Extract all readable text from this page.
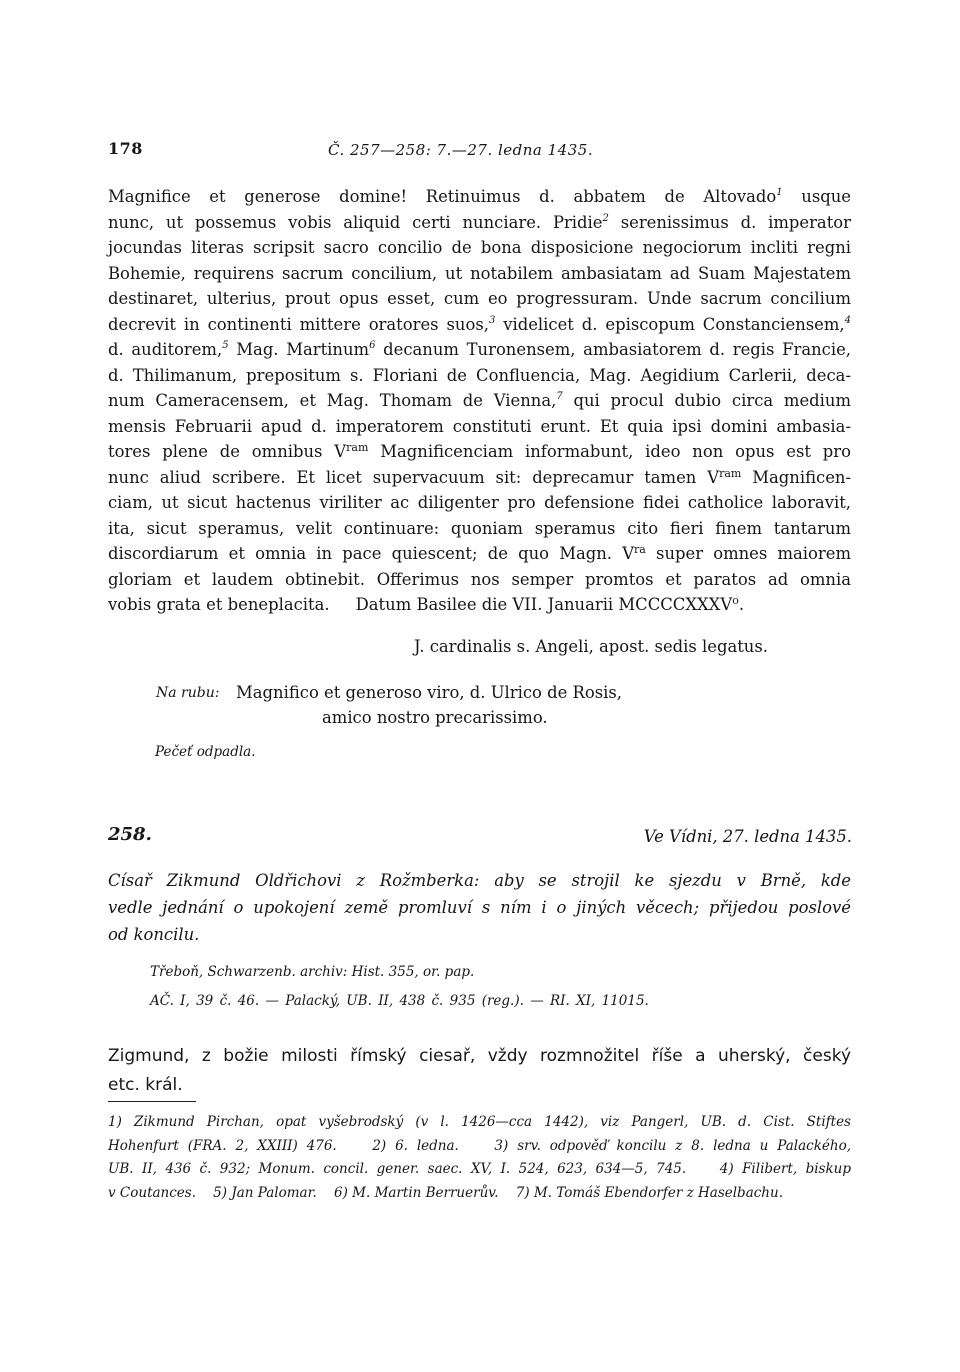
178	Č. 257—258: 7.—27. ledna 1435.
Magnifice et generose domine! Retinuimus d. abbatem de Altovado$^1$ usque
nunc, ut possemus vobis aliquid certi nunciare. Pridie$^2$ serenissimus d. imperator
jocundas literas scripsit sacro concilio de bona disposicione negociorum incliti regni
Bohemie, requirens sacrum concilium, ut notabilem ambasiatam ad Suam Majestatem
destinaret, ulterius, prout opus esset, cum eo progressuram. Unde sacrum concilium
decrevit in continenti mittere oratores suos,$^3$ videlicet d. episcopum Constanciensem,$^4$
d. auditorem,$^5$ Mag. Martinum$^6$ decanum Turonensem, ambasiatorem d. regis Francie,
d. Thilimanum, prepositum s. Floriani de Confluencia, Mag. Aegidium Carlerii, deca-
num Cameracensem, et Mag. Thomam de Vienna,$^7$ qui procul dubio circa medium
mensis Februarii apud d. imperatorem constituti erunt. Et quia ipsi domini ambasia-
tores plene de omnibus $V^{ram}$ Magnificenciam informabunt, ideo non opus est pro
nunc aliud scribere. Et licet supervacuum sit: deprecamur tamen $V^{ram}$ Magnificen-
ciam, ut sicut hactenus viriliter ac diligenter pro defensione fidei catholice laboravit,
ita, sicut speramus, velit continuare: quoniam speramus cito fieri finem tantarum
discordiarum et omnia in pace quiescent; de quo Magn. $V^{ra}$ super omnes maiorem
gloriam et laudem obtinebit. Offerimus nos semper promtos et paratos ad omnia
vobis grata et beneplacita.     Datum Basilee die VII. Januarii MCCCCXXXV$^o$.
J. cardinalis s. Angeli, apost. sedis legatus.
Na rubu: Magnifico et generoso viro, d. Ulrico de Rosis,
amico nostro precarissimo.
Pečeť odpadla.
258.	Ve Vídni, 27. ledna 1435.
Císař Zikmund Oldřichovi z Rožmberka: aby se strojil ke sjezdu v Brně, kde
vedle jednání o upokojení země promluví s ním i o jiných věcech; přijedou poslové
od koncilu.
Třeboň, Schwarzenb. archiv: Hist. 355, or. pap.
AČ. I, 39 č. 46. — Palacký, UB. II, 438 č. 935 (reg.). — RI. XI, 11015.
Zigmund, z božie milosti římský ciesař, vždy rozmnožitel říše a uherský, český
etc. král.
1) Zikmund Pirchan, opat vyšebrodský (v l. 1426—cca 1442), viz Pangerl, UB. d. Cist. Stiftes
Hohenfurt (FRA. 2, XXIII) 476.    2) 6. ledna.    3) srv. odpověď koncilu z 8. ledna u Palackého,
UB. II, 436 č. 932; Monum. concil. gener. saec. XV, I. 524, 623, 634—5, 745.    4) Filibert, biskup
v Coutances.    5) Jan Palomar.    6) M. Martin Berruerův.    7) M. Tomáš Ebendorfer z Haselbachu.
